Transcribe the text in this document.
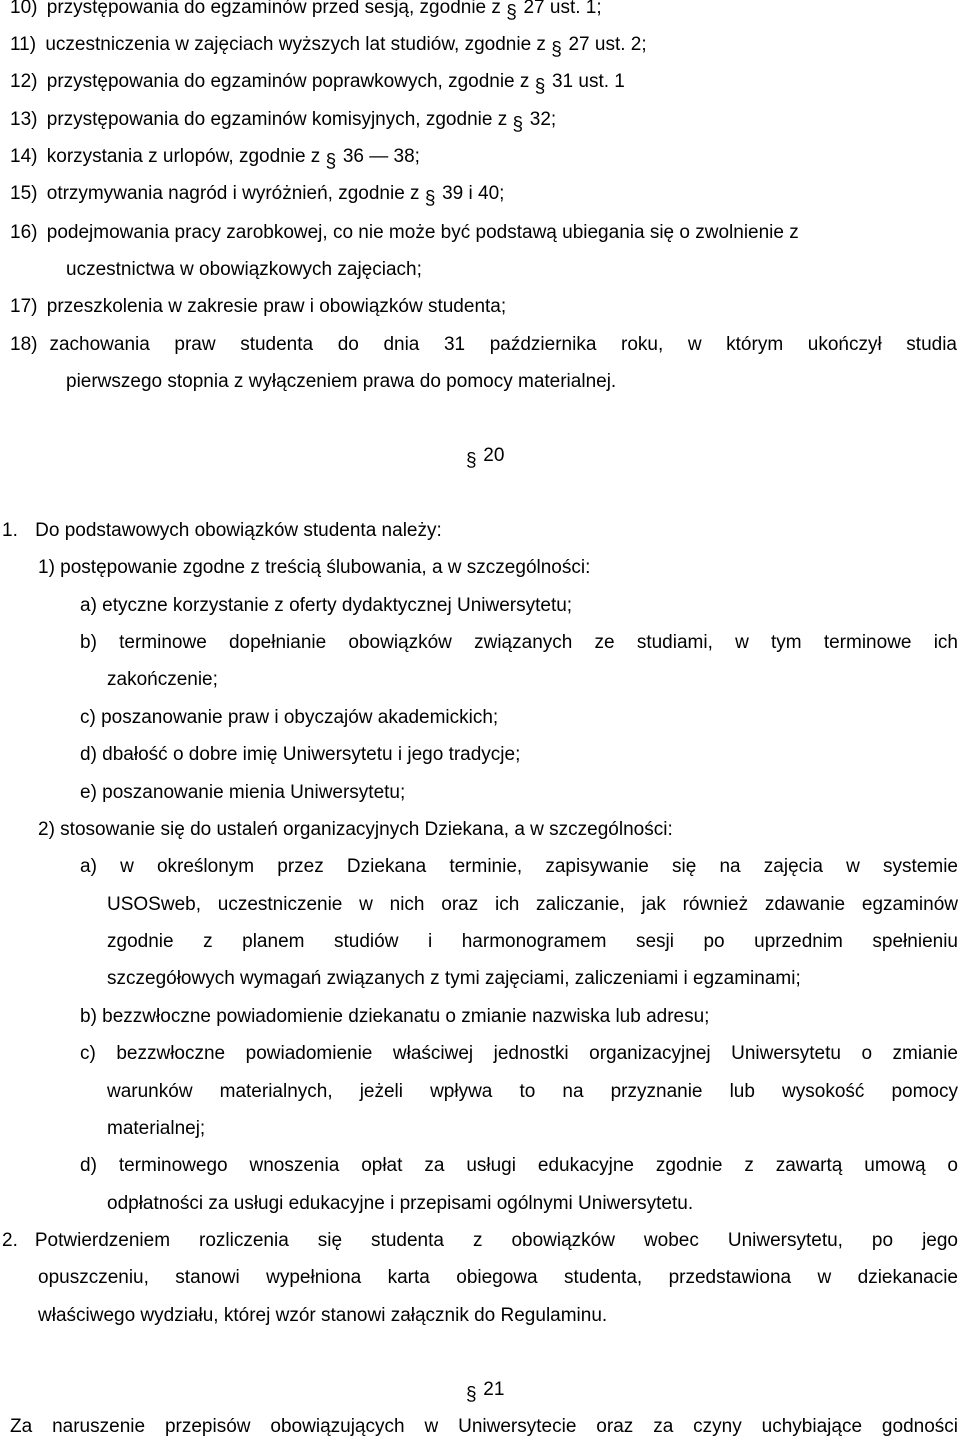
10) przystępowania do egzaminów przed sesją, zgodnie z § 27 ust. 1;
11) uczestniczenia w zajęciach wyższych lat studiów, zgodnie z § 27 ust. 2;
12) przystępowania do egzaminów poprawkowych, zgodnie z § 31 ust. 1
13) przystępowania do egzaminów komisyjnych, zgodnie z § 32;
14) korzystania z urlopów, zgodnie z § 36 — 38;
15) otrzymywania nagród i wyróżnień, zgodnie z § 39 i 40;
16) podejmowania pracy zarobkowej, co nie może być podstawą ubiegania się o zwolnienie z
uczestnictwa w obowiązkowych zajęciach;
17) przeszkolenia w zakresie praw i obowiązków studenta;
18) zachowania praw studenta do dnia 31 października roku, w którym ukończył studia
pierwszego stopnia z wyłączeniem prawa do pomocy materialnej.
§ 20
1. Do podstawowych obowiązków studenta należy:
1) postępowanie zgodne z treścią ślubowania, a w szczególności:
a) etyczne korzystanie z oferty dydaktycznej Uniwersytetu;
b) terminowe dopełnianie obowiązków związanych ze studiami, w tym terminowe ich
zakończenie;
c) poszanowanie praw i obyczajów akademickich;
d) dbałość o dobre imię Uniwersytetu i jego tradycje;
e) poszanowanie mienia Uniwersytetu;
2) stosowanie się do ustaleń organizacyjnych Dziekana, a w szczególności:
a) w określonym przez Dziekana terminie, zapisywanie się na zajęcia w systemie
USOSweb, uczestniczenie w nich oraz ich zaliczanie, jak również zdawanie egzaminów
zgodnie z planem studiów i harmonogramem sesji po uprzednim spełnieniu
szczegółowych wymagań związanych z tymi zajęciami, zaliczeniami i egzaminami;
b) bezzwłoczne powiadomienie dziekanatu o zmianie nazwiska lub adresu;
c) bezzwłoczne powiadomienie właściwej jednostki organizacyjnej Uniwersytetu o zmianie
warunków materialnych, jeżeli wpływa to na przyznanie lub wysokość pomocy
materialnej;
d) terminowego wnoszenia opłat za usługi edukacyjne zgodnie z zawartą umową o
odpłatności za usługi edukacyjne i przepisami ogólnymi Uniwersytetu.
2. Potwierdzeniem rozliczenia się studenta z obowiązków wobec Uniwersytetu, po jego
opuszczeniu, stanowi wypełniona karta obiegowa studenta, przedstawiona w dziekanacie
właściwego wydziału, której wzór stanowi załącznik do Regulaminu.
§ 21
Za naruszenie przepisów obowiązujących w Uniwersytecie oraz za czyny uchybiające godności
